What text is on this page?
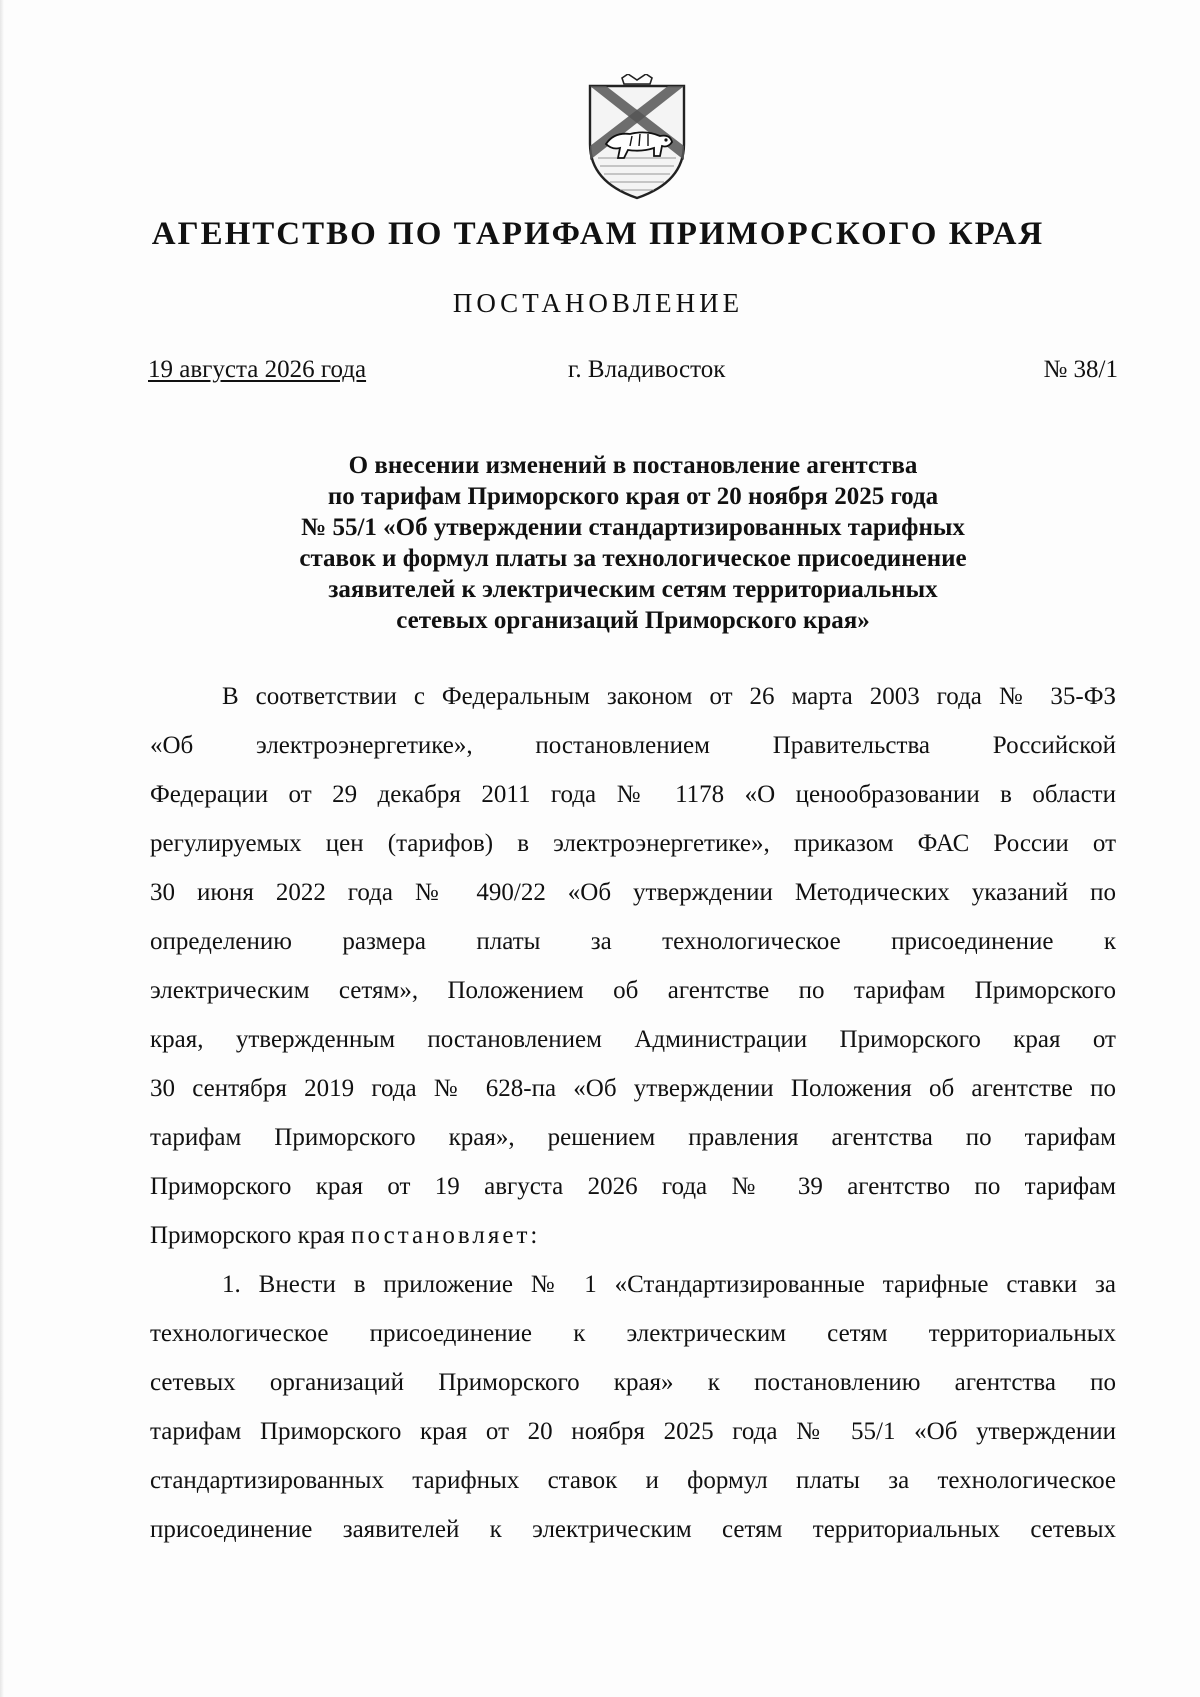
АГЕНТСТВО ПО ТАРИФАМ ПРИМОРСКОГО КРАЯ
ПОСТАНОВЛЕНИЕ
19 августа 2026 года	г. Владивосток	№ 38/1
О внесении изменений в постановление агентства
по тарифам Приморского края от 20 ноября 2025 года
№ 55/1 «Об утверждении стандартизированных тарифных
ставок и формул платы за технологическое присоединение
заявителей к электрическим сетям территориальных
сетевых организаций Приморского края»
В соответствии с Федеральным законом от 26 марта 2003 года № 35-ФЗ
«Об электроэнергетике», постановлением Правительства Российской
Федерации от 29 декабря 2011 года № 1178 «О ценообразовании в области
регулируемых цен (тарифов) в электроэнергетике», приказом ФАС России от
30 июня 2022 года № 490/22 «Об утверждении Методических указаний по
определению размера платы за технологическое присоединение к
электрическим сетям», Положением об агентстве по тарифам Приморского
края, утвержденным постановлением Администрации Приморского края от
30 сентября 2019 года № 628-па «Об утверждении Положения об агентстве по
тарифам Приморского края», решением правления агентства по тарифам
Приморского края от 19 августа 2026 года № 39 агентство по тарифам
Приморского края постановляет:
1. Внести в приложение № 1 «Стандартизированные тарифные ставки за
технологическое присоединение к электрическим сетям территориальных
сетевых организаций Приморского края» к постановлению агентства по
тарифам Приморского края от 20 ноября 2025 года № 55/1 «Об утверждении
стандартизированных тарифных ставок и формул платы за технологическое
присоединение заявителей к электрическим сетям территориальных сетевых
